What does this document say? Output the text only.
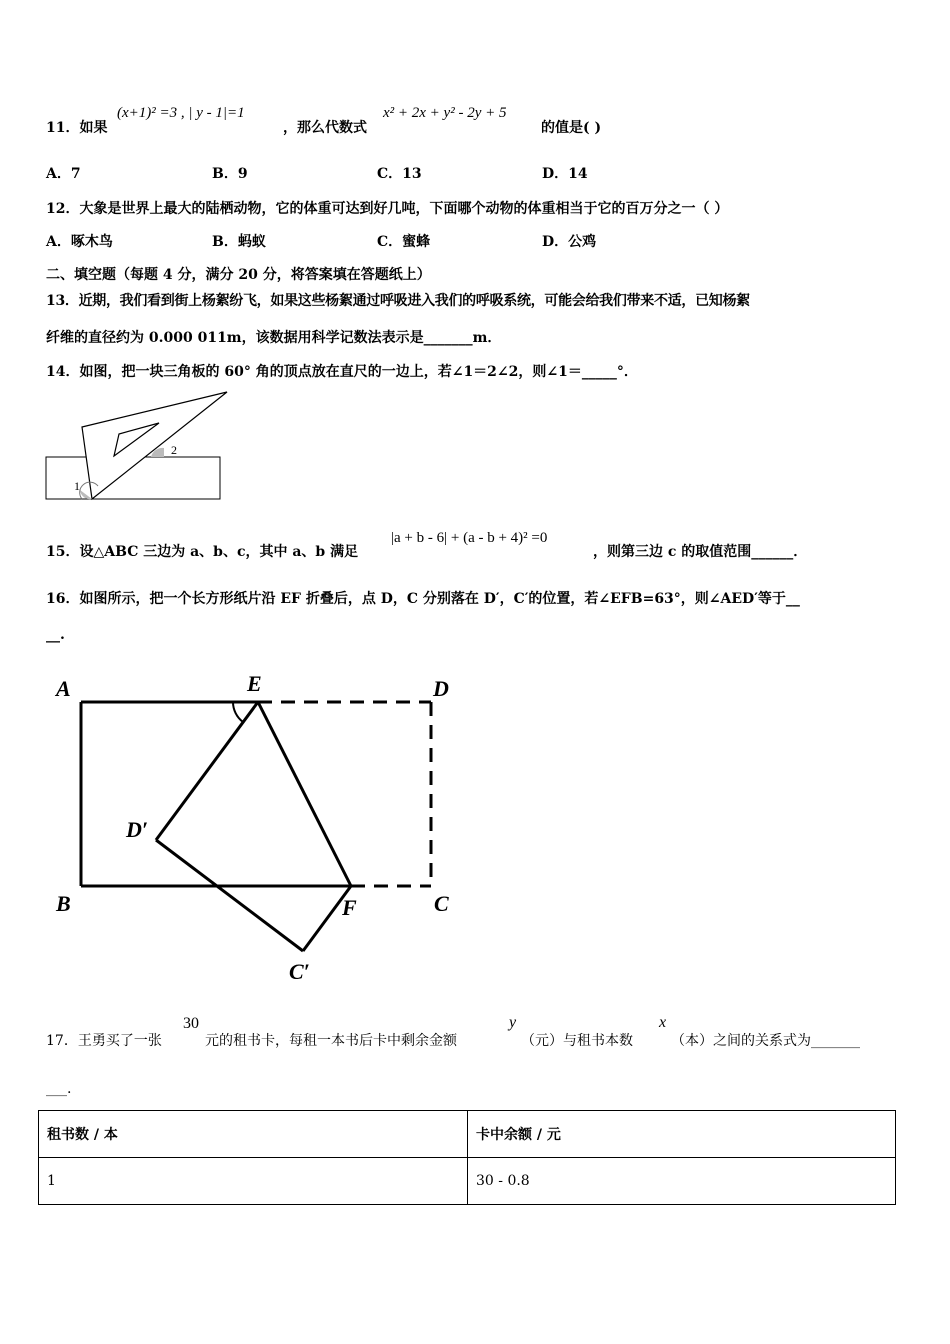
11．如果
(x+1)² =3 , | y - 1|=1
，那么代数式
x² + 2x + y² - 2y + 5
的值是( )
A．7	B．9	C．13	D．14
12．大象是世界上最大的陆栖动物，它的体重可达到好几吨，下面哪个动物的体重相当于它的百万分之一（ ）
A．啄木鸟	B．蚂蚁	C．蜜蜂	D．公鸡
二、填空题（每题 4 分，满分 20 分，将答案填在答题纸上）
13．近期，我们看到街上杨絮纷飞，如果这些杨絮通过呼吸进入我们的呼吸系统，可能会给我们带来不适，已知杨絮
纤维的直径约为 0.000 011m，该数据用科学记数法表示是_______m．
14．如图，把一块三角板的 60° 角的顶点放在直尺的一边上，若∠1＝2∠2，则∠1＝_____°．
1
2
15．设△ABC 三边为 a、b、c，其中 a、b 满足
|a + b - 6| + (a - b + 4)² =0
，则第三边 c 的取值范围______．
16．如图所示，把一个长方形纸片沿 EF 折叠后，点 D，C 分别落在 D′，C′的位置，若∠EFB=63°，则∠AED′等于__
__.
A	E	D
D′
B	F	C
C′
17．王勇买了一张
30
元的租书卡，每租一本书后卡中剩余金额
y
（元）与租书本数
x
（本）之间的关系式为_______
___.
租书数 / 本	卡中余额 / 元
1	30 - 0.8
